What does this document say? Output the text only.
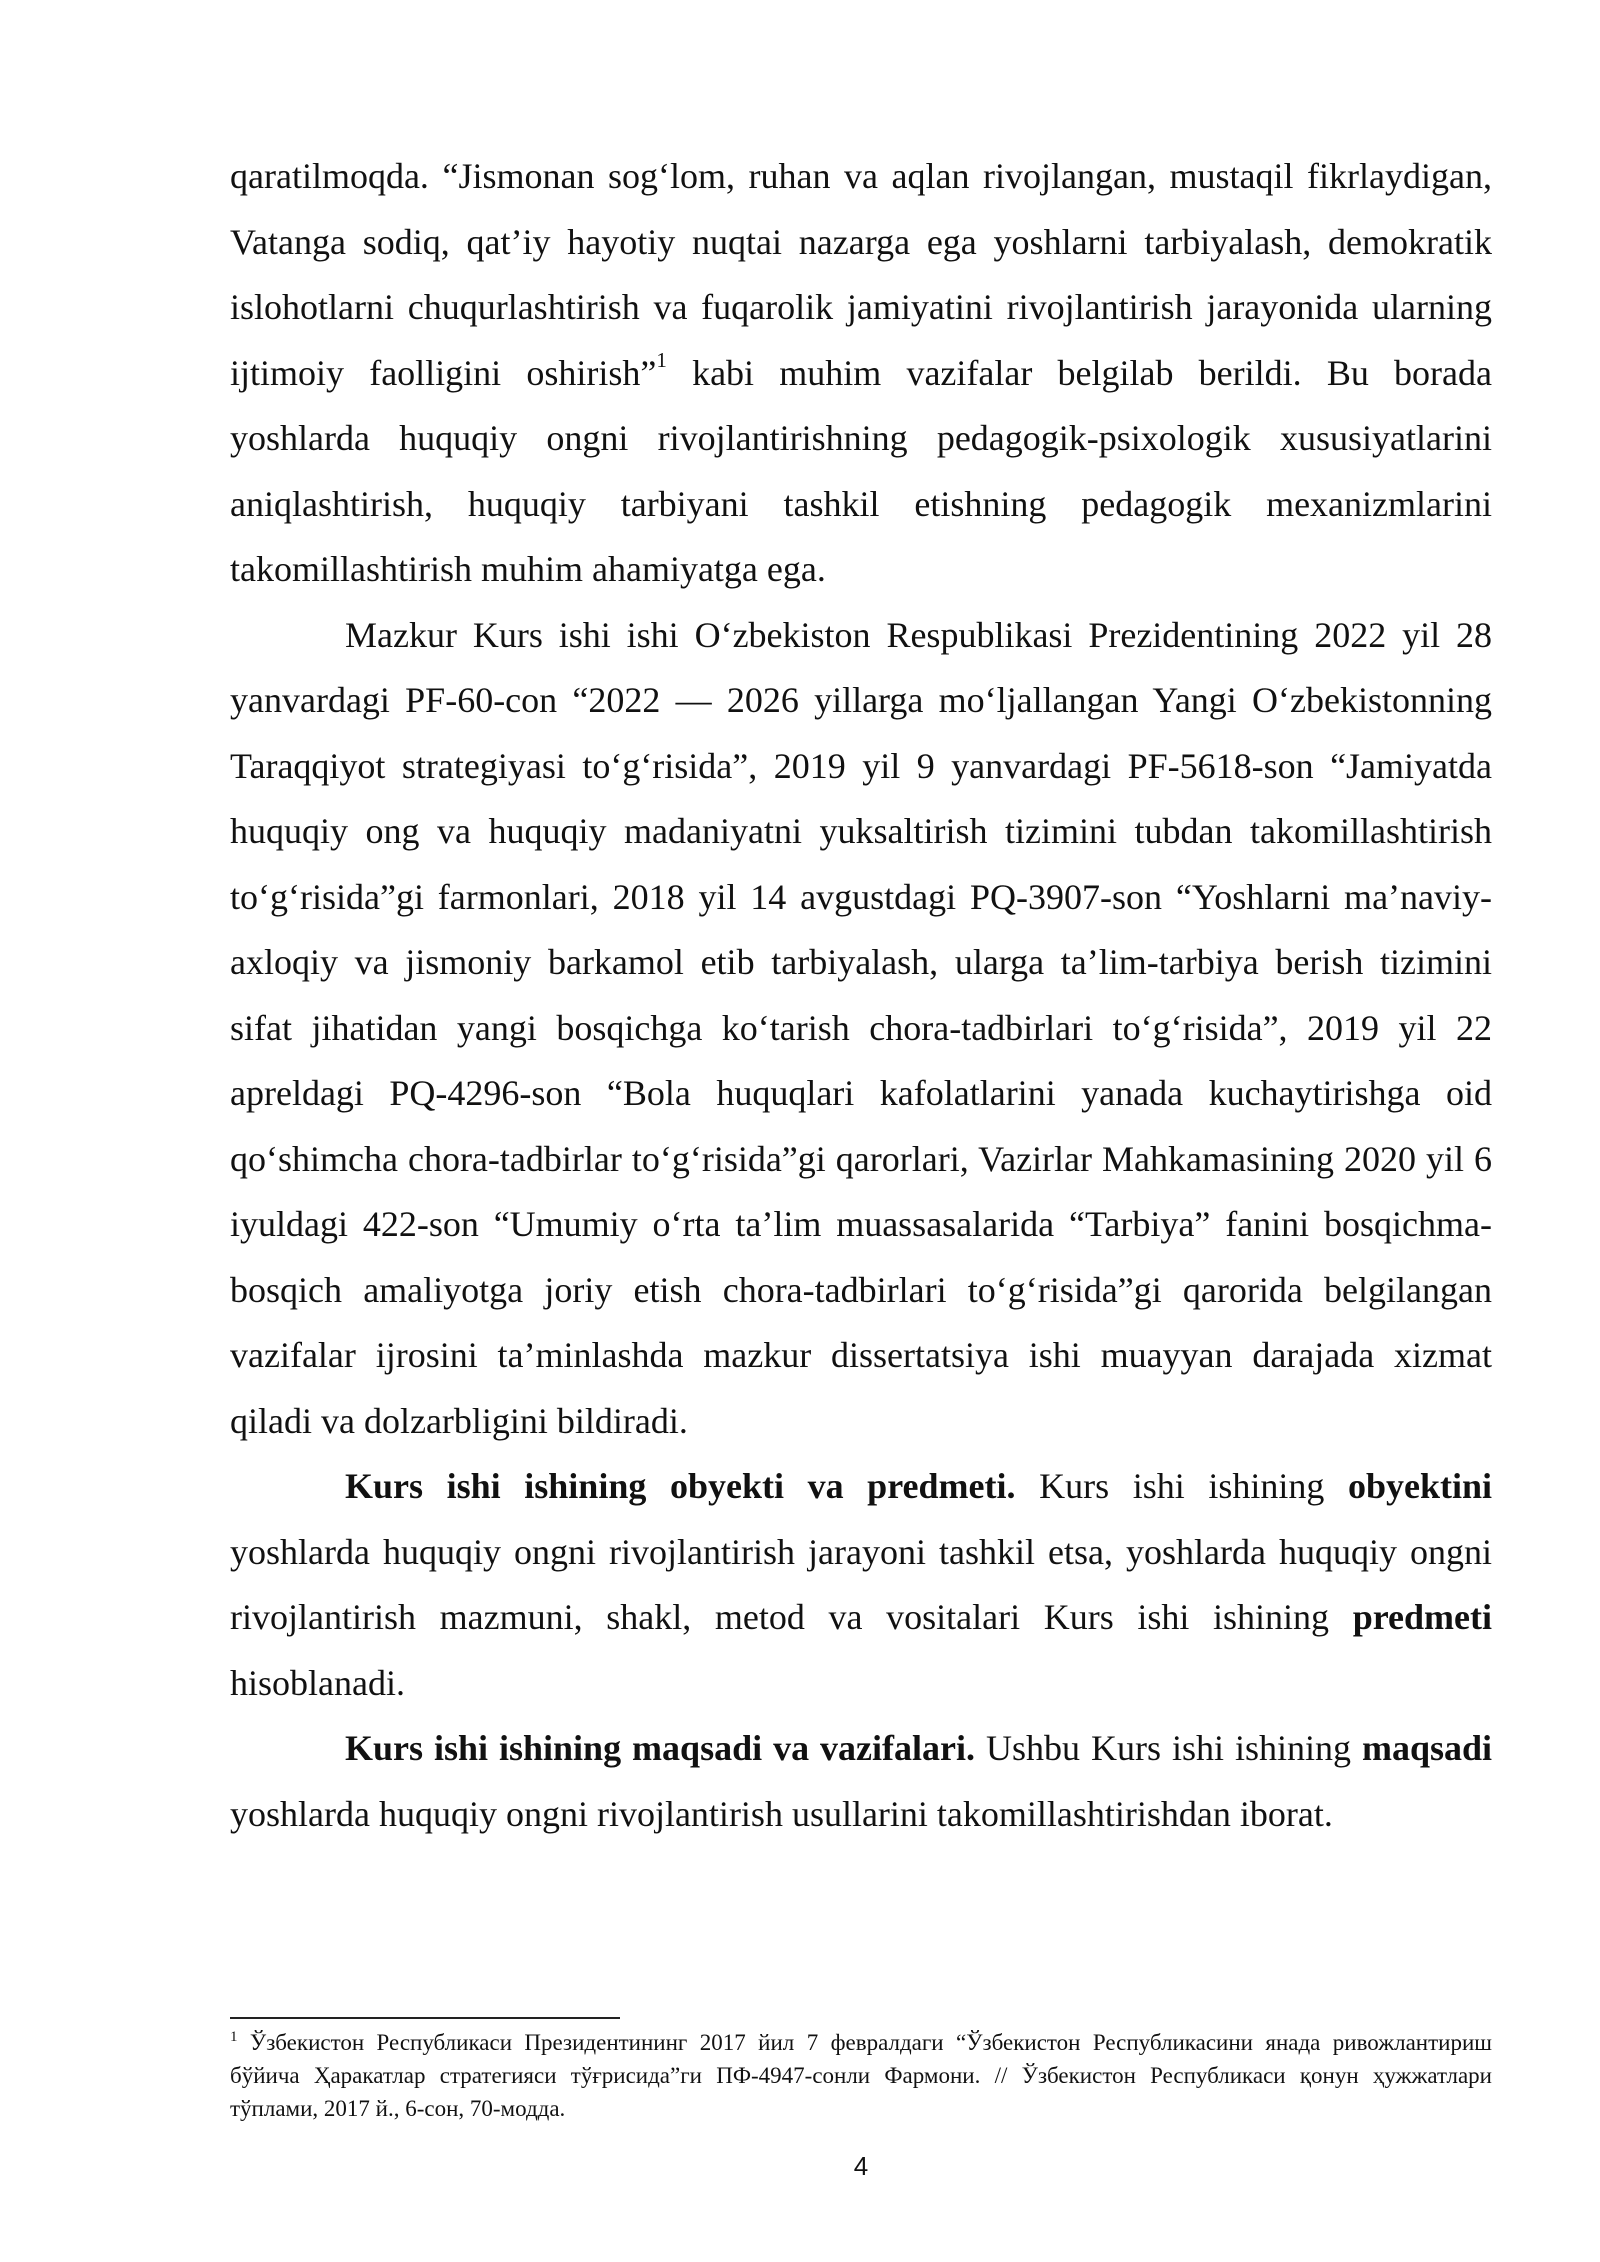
qaratilmoqda. “Jismonan sog‘lom, ruhan va aqlan rivojlangan, mustaqil fikrlaydigan, Vatanga sodiq, qat’iy hayotiy nuqtai nazarga ega yoshlarni tarbiyalash, demokratik islohotlarni chuqurlashtirish va fuqarolik jamiyatini rivojlantirish jarayonida ularning ijtimoiy faolligini oshirish”$^1$ kabi muhim vazifalar belgilab berildi. Bu borada yoshlarda huquqiy ongni rivojlantirishning pedagogik-psixologik xususiyatlarini aniqlashtirish, huquqiy tarbiyani tashkil etishning pedagogik mexanizmlarini takomillashtirish muhim ahamiyatga ega.

Mazkur Kurs ishi ishi O‘zbekiston Respublikasi Prezidentining 2022 yil 28 yanvardagi PF-60-con “2022 — 2026 yillarga mo‘ljallangan Yangi O‘zbekistonning Taraqqiyot strategiyasi to‘g‘risida”, 2019 yil 9 yanvardagi PF-5618-son “Jamiyatda huquqiy ong va huquqiy madaniyatni yuksaltirish tizimini tubdan takomillashtirish to‘g‘risida”gi farmonlari, 2018 yil 14 avgustdagi PQ-3907-son “Yoshlarni ma’naviy-axloqiy va jismoniy barkamol etib tarbiyalash, ularga ta’lim-tarbiya berish tizimini sifat jihatidan yangi bosqichga ko‘tarish chora-tadbirlari to‘g‘risida”, 2019 yil 22 apreldagi PQ-4296-son “Bola huquqlari kafolatlarini yanada kuchaytirishga oid qo‘shimcha chora-tadbirlar to‘g‘risida”gi qarorlari, Vazirlar Mahkamasining 2020 yil 6 iyuldagi 422-son “Umumiy o‘rta ta’lim muassasalarida “Tarbiya” fanini bosqichma-bosqich amaliyotga joriy etish chora-tadbirlari to‘g‘risida”gi qarorida belgilangan vazifalar ijrosini ta’minlashda mazkur dissertatsiya ishi muayyan darajada xizmat qiladi va dolzarbligini bildiradi.

Kurs ishi ishining obyekti va predmeti. Kurs ishi ishining obyektini yoshlarda huquqiy ongni rivojlantirish jarayoni tashkil etsa, yoshlarda huquqiy ongni rivojlantirish mazmuni, shakl, metod va vositalari Kurs ishi ishining predmeti hisoblanadi.

Kurs ishi ishining maqsadi va vazifalari. Ushbu Kurs ishi ishining maqsadi yoshlarda huquqiy ongni rivojlantirish usullarini takomillashtirishdan iborat.

$^1$ Ўзбекистон Республикаси Президентининг 2017 йил 7 февралдаги “Ўзбекистон Республикасини янада ривожлантириш бўйича Ҳаракатлар стратегияси тўғрисида”ги ПФ-4947-сонли Фармони. // Ўзбекистон Республикаси қонун ҳужжатлари тўплами, 2017 й., 6-сон, 70-модда.
4
